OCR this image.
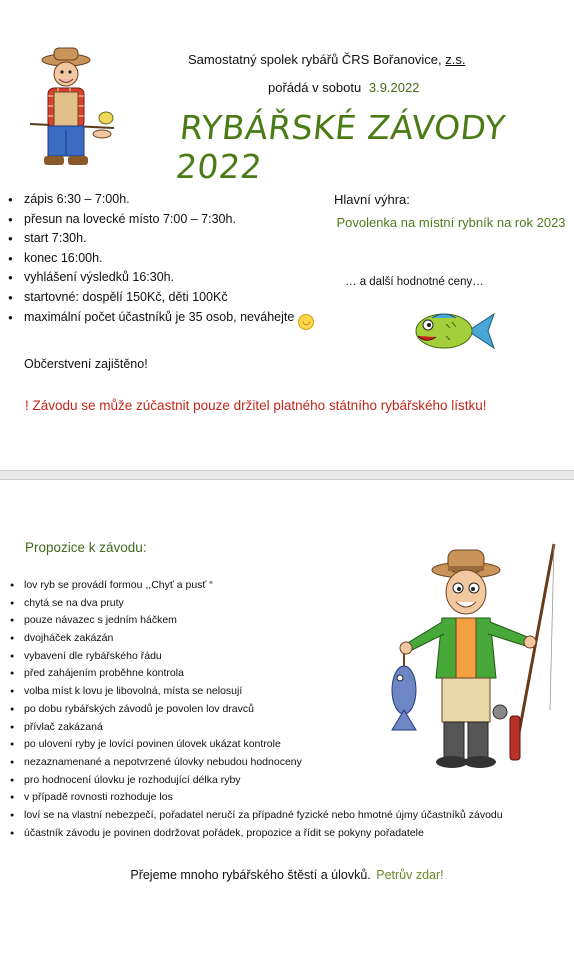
Samostatný spolek rybářů ČRS Bořanovice, z.s.
pořádá v sobotu 3.9.2022
RYBÁŘSKÉ ZÁVODY 2022
● zápis 6:30 – 7:00h.
● přesun na lovecké místo 7:00 – 7:30h.
● start 7:30h.
● konec 16:00h.
● vyhlášení výsledků 16:30h.
● startovné: dospělí 150Kč, děti 100Kč
● maximální počet účastníků je 35 osob, neváhejte ◡
Hlavní výhra:
Povolenka na místní rybník na rok 2023
… a další hodnotné ceny…
Občerstvení zajištěno!
! Závodu se může zúčastnit pouze držitel platného státního rybářského lístku!
Propozice k závodu:
● lov ryb se provádí formou ,,Chyť a pusť “
● chytá se na dva pruty
● pouze návazec s jedním háčkem
● dvojháček zakázán
● vybavení dle rybářského řádu
● před zahájením proběhne kontrola
● volba míst k lovu je libovolná, místa se nelosují
● po dobu rybářských závodů je povolen lov dravců
● přívlač zakázaná
● po ulovení ryby je lovící povinen úlovek ukázat kontrole
● nezaznamenané a nepotvrzené úlovky nebudou hodnoceny
● pro hodnocení úlovku je rozhodující délka ryby
● v případě rovnosti rozhoduje los
● loví se na vlastní nebezpečí, pořadatel neručí za případné fyzické nebo hmotné újmy účastníků závodu
● účastník závodu je povinen dodržovat pořádek, propozice a řídit se pokyny pořadatele
Přejeme mnoho rybářského štěstí a úlovků. Petrův zdar!
